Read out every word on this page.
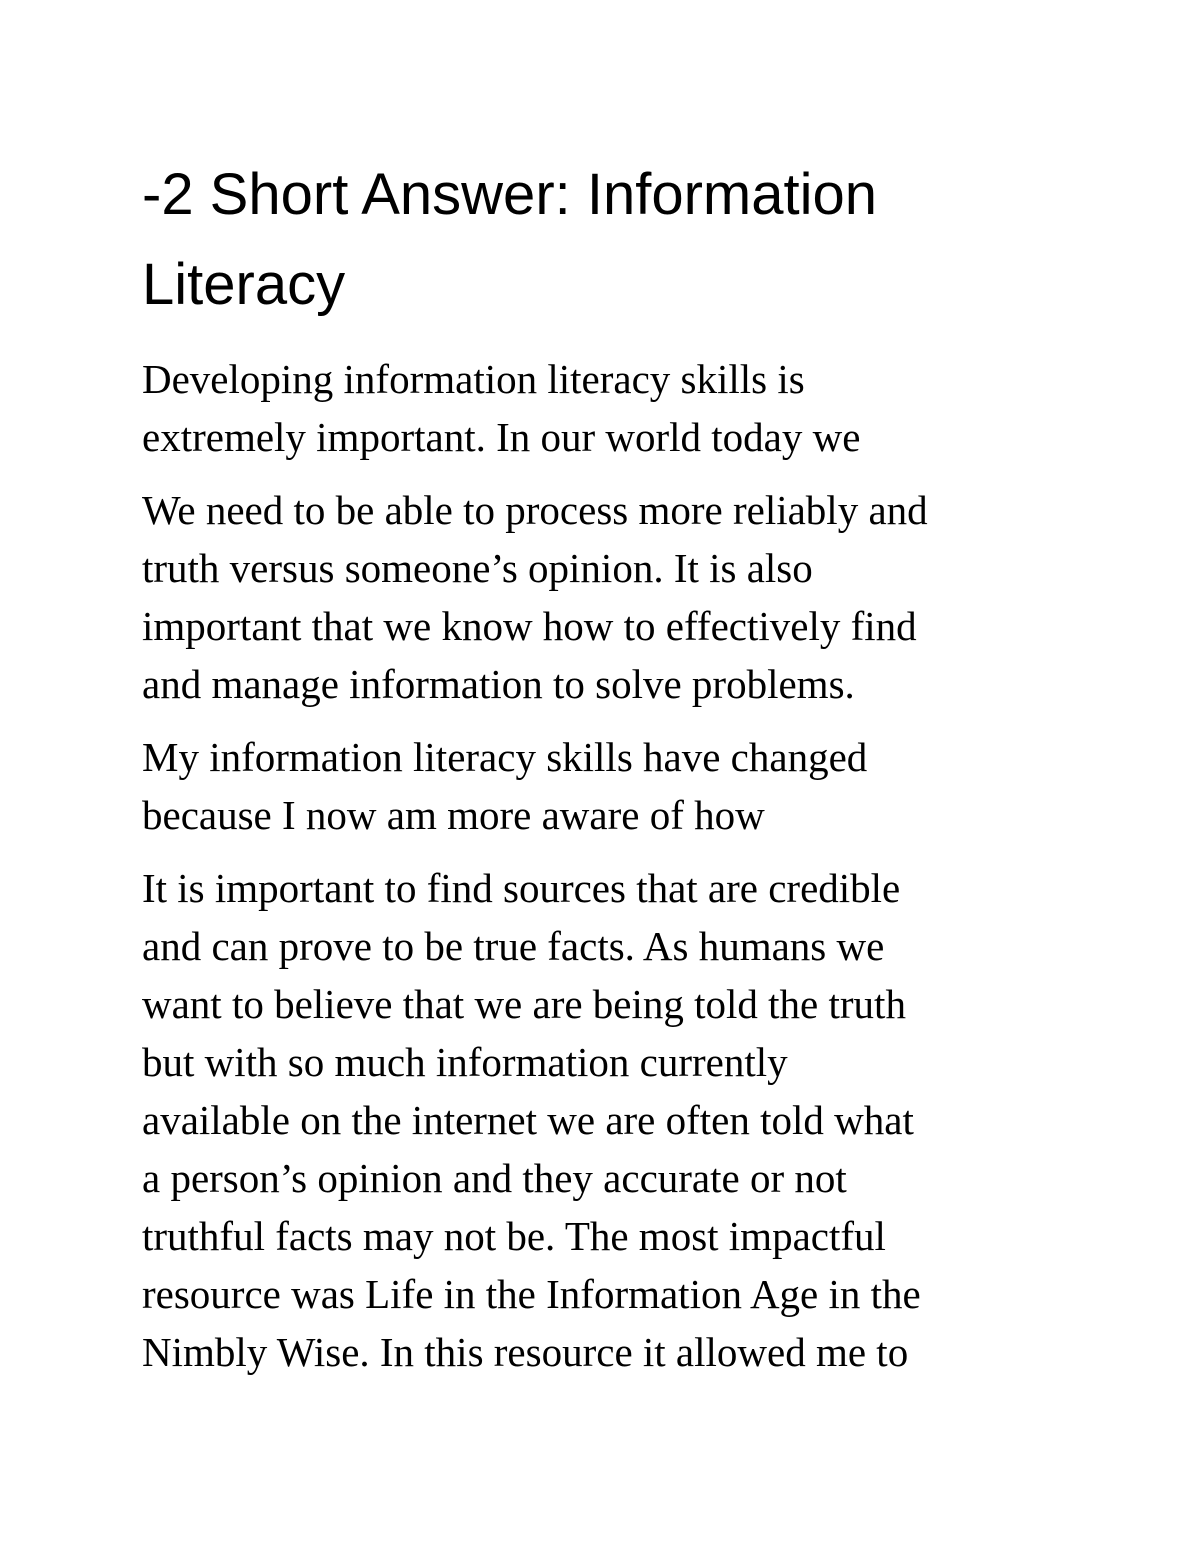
-2 Short Answer: Information
Literacy

Developing information literacy skills is
extremely important. In our world today we

We need to be able to process more reliably and
truth versus someone’s opinion. It is also
important that we know how to effectively find
and manage information to solve problems.

My information literacy skills have changed
because I now am more aware of how

It is important to find sources that are credible
and can prove to be true facts. As humans we
want to believe that we are being told the truth
but with so much information currently
available on the internet we are often told what
a person’s opinion and they accurate or not
truthful facts may not be. The most impactful
resource was Life in the Information Age in the
Nimbly Wise. In this resource it allowed me to
